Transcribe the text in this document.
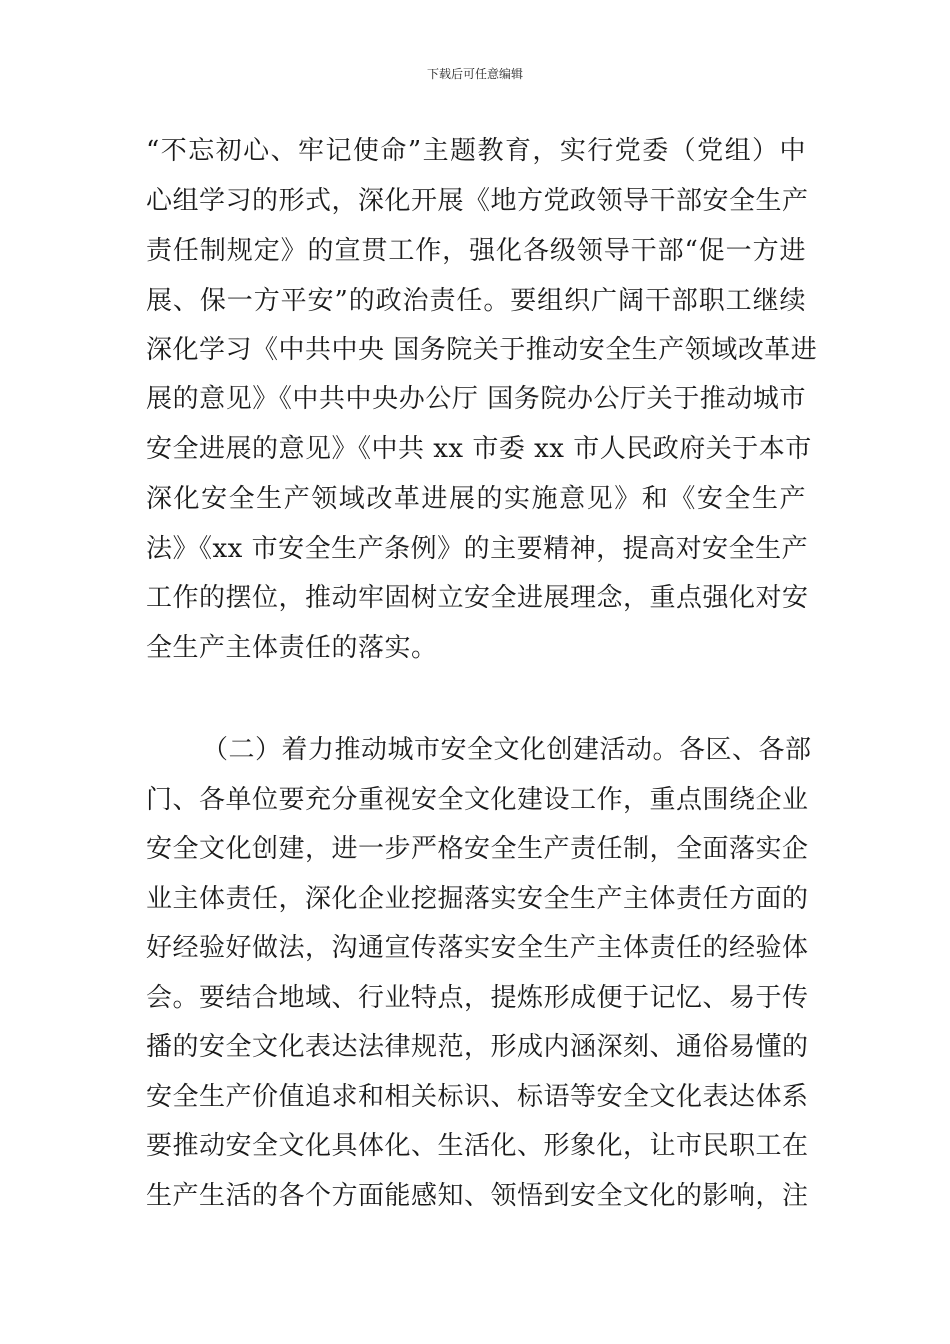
下载后可任意编辑
“不忘初心、牢记使命”主题教育，实行党委（党组）中
心组学习的形式，深化开展《地方党政领导干部安全生产
责任制规定》的宣贯工作，强化各级领导干部“促一方进
展、保一方平安”的政治责任。要组织广阔干部职工继续
深化学习《中共中央 国务院关于推动安全生产领域改革进
展的意见》《中共中央办公厅 国务院办公厅关于推动城市
安全进展的意见》《中共 xx 市委 xx 市人民政府关于本市
深化安全生产领域改革进展的实施意见》和《安全生产
法》《xx 市安全生产条例》的主要精神，提高对安全生产
工作的摆位，推动牢固树立安全进展理念，重点强化对安
全生产主体责任的落实。
（二）着力推动城市安全文化创建活动。各区、各部
门、各单位要充分重视安全文化建设工作，重点围绕企业
安全文化创建，进一步严格安全生产责任制，全面落实企
业主体责任，深化企业挖掘落实安全生产主体责任方面的
好经验好做法，沟通宣传落实安全生产主体责任的经验体
会。要结合地域、行业特点，提炼形成便于记忆、易于传
播的安全文化表达法律规范，形成内涵深刻、通俗易懂的
安全生产价值追求和相关标识、标语等安全文化表达体系
要推动安全文化具体化、生活化、形象化，让市民职工在
生产生活的各个方面能感知、领悟到安全文化的影响，注
